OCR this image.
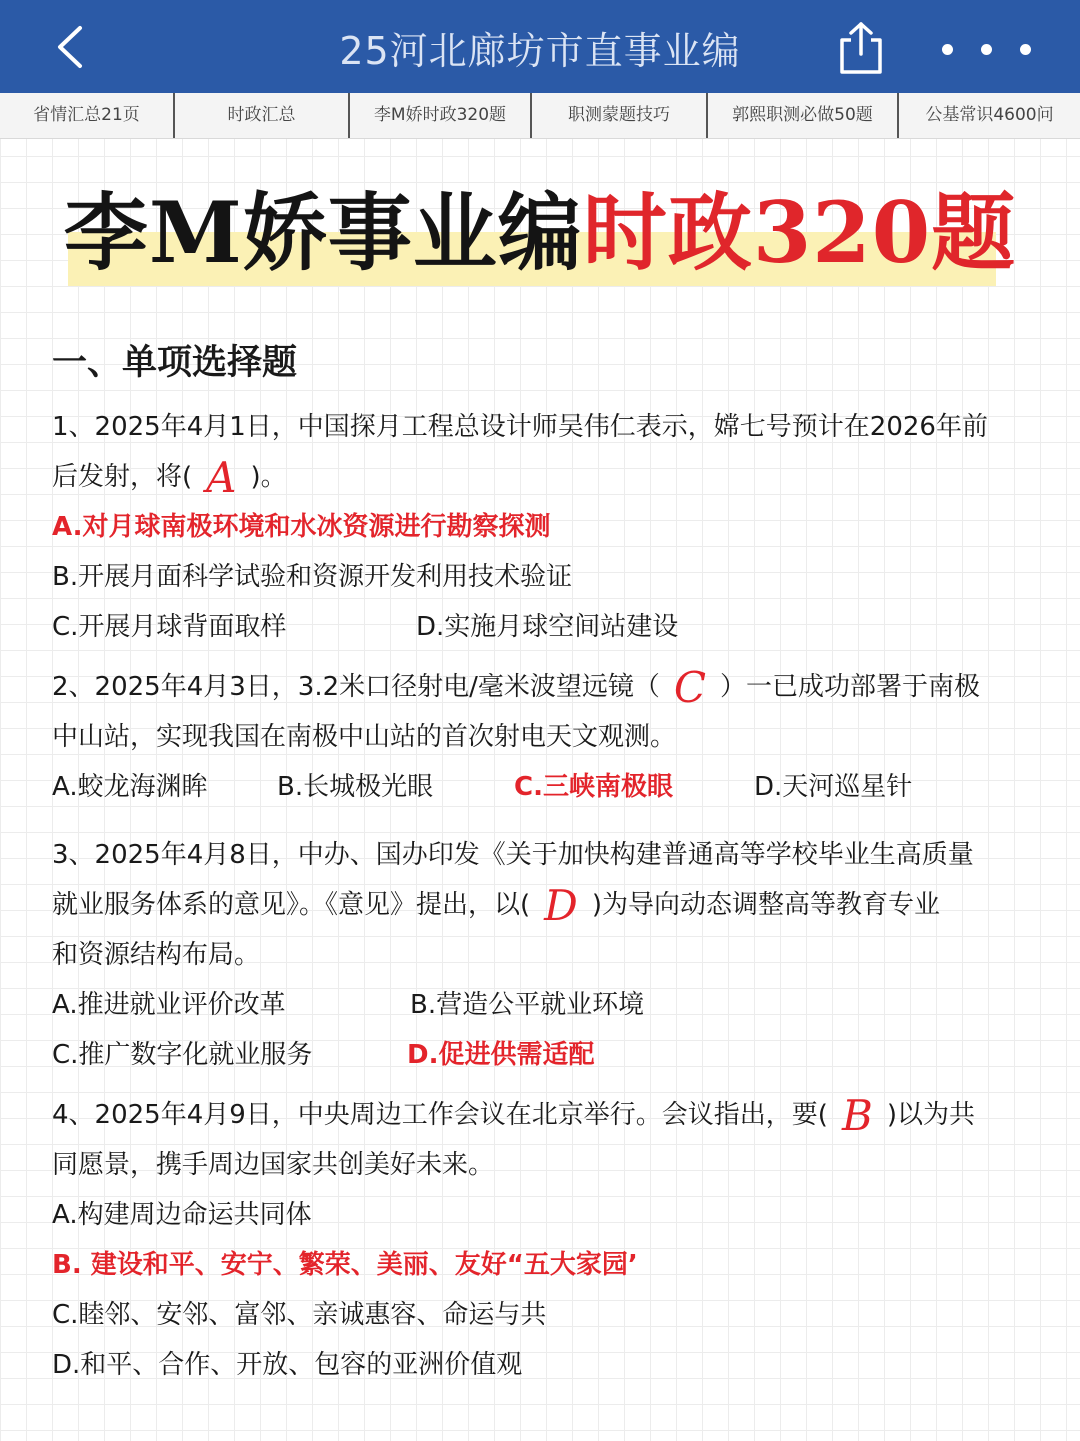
25河北廊坊市直事业编
省情汇总21页	时政汇总	李M娇时政320题	职测蒙题技巧	郭熙职测必做50题	公基常识4600问
李M娇事业编时政320题
一、单项选择题
1、2025年4月1日，中国探月工程总设计师吴伟仁表示，嫦七号预计在2026年前
后发射，将( A )。
A.对月球南极环境和水冰资源进行勘察探测
B.开展月面科学试验和资源开发利用技术验证
C.开展月球背面取样	D.实施月球空间站建设
2、2025年4月3日，3.2米口径射电/毫米波望远镜（ C ）一已成功部署于南极
中山站，实现我国在南极中山站的首次射电天文观测。
A.蛟龙海渊眸	B.长城极光眼	C.三峡南极眼	D.天河巡星针
3、2025年4月8日，中办、国办印发《关于加快构建普通高等学校毕业生高质量
就业服务体系的意见》。《意见》提出，以( D )为导向动态调整高等教育专业
和资源结构布局。
A.推进就业评价改革	B.营造公平就业环境
C.推广数字化就业服务	D.促进供需适配
4、2025年4月9日，中央周边工作会议在北京举行。会议指出，要( B )以为共
同愿景，携手周边国家共创美好未来。
A.构建周边命运共同体
B. 建设和平、安宁、繁荣、美丽、友好“五大家园’
C.睦邻、安邻、富邻、亲诚惠容、命运与共
D.和平、合作、开放、包容的亚洲价值观
